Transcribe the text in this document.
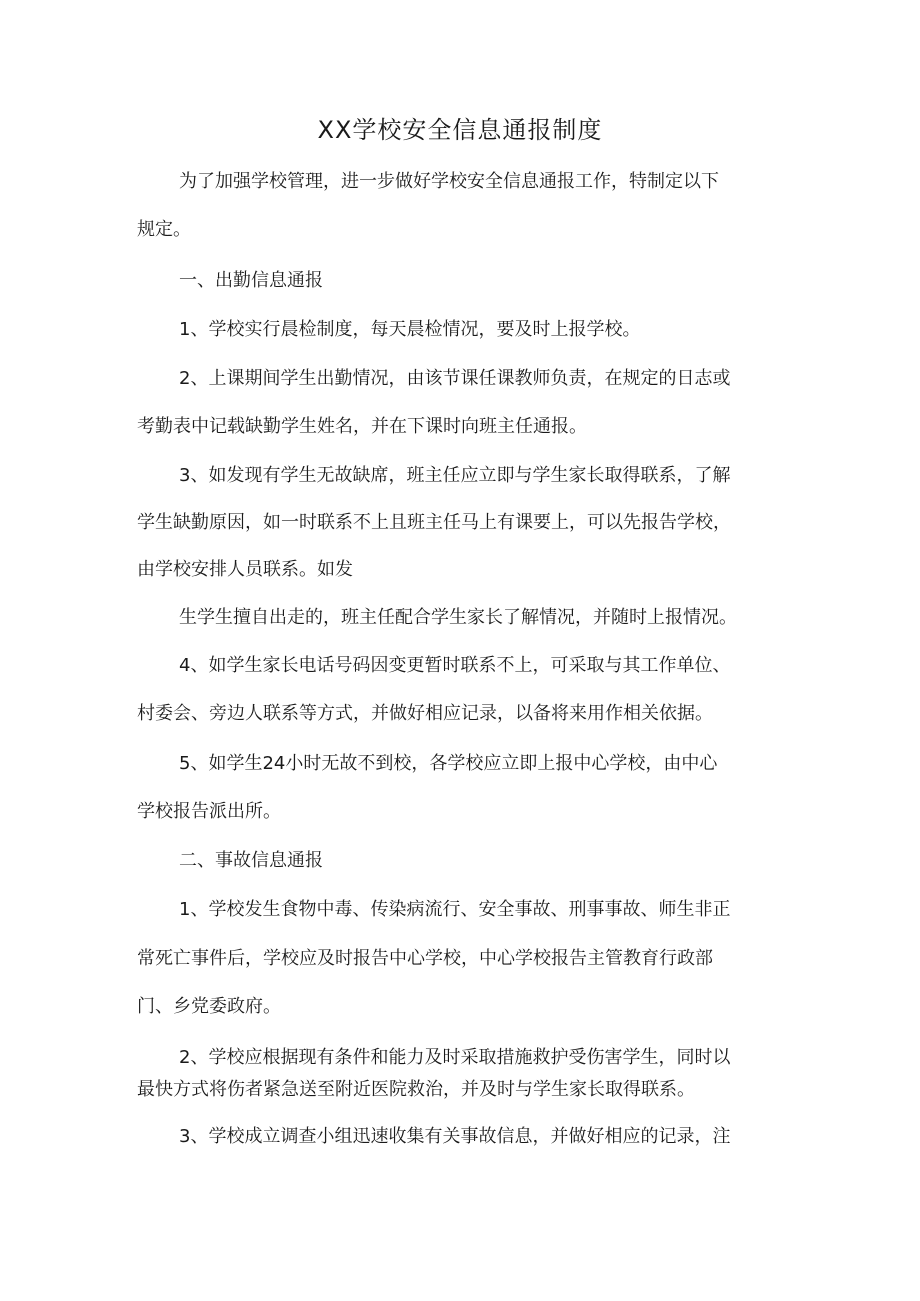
XX学校安全信息通报制度
为了加强学校管理，进一步做好学校安全信息通报工作，特制定以下
规定。
一、出勤信息通报
1、学校实行晨检制度，每天晨检情况，要及时上报学校。
2、上课期间学生出勤情况，由该节课任课教师负责，在规定的日志或
考勤表中记载缺勤学生姓名，并在下课时向班主任通报。
3、如发现有学生无故缺席，班主任应立即与学生家长取得联系，了解
学生缺勤原因，如一时联系不上且班主任马上有课要上，可以先报告学校，
由学校安排人员联系。如发
生学生擅自出走的，班主任配合学生家长了解情况，并随时上报情况。
4、如学生家长电话号码因变更暂时联系不上，可采取与其工作单位、
村委会、旁边人联系等方式，并做好相应记录，以备将来用作相关依据。
5、如学生24小时无故不到校，各学校应立即上报中心学校，由中心
学校报告派出所。
二、事故信息通报
1、学校发生食物中毒、传染病流行、安全事故、刑事事故、师生非正
常死亡事件后，学校应及时报告中心学校，中心学校报告主管教育行政部
门、乡党委政府。
2、学校应根据现有条件和能力及时采取措施救护受伤害学生，同时以
最快方式将伤者紧急送至附近医院救治，并及时与学生家长取得联系。
3、学校成立调查小组迅速收集有关事故信息，并做好相应的记录，注
